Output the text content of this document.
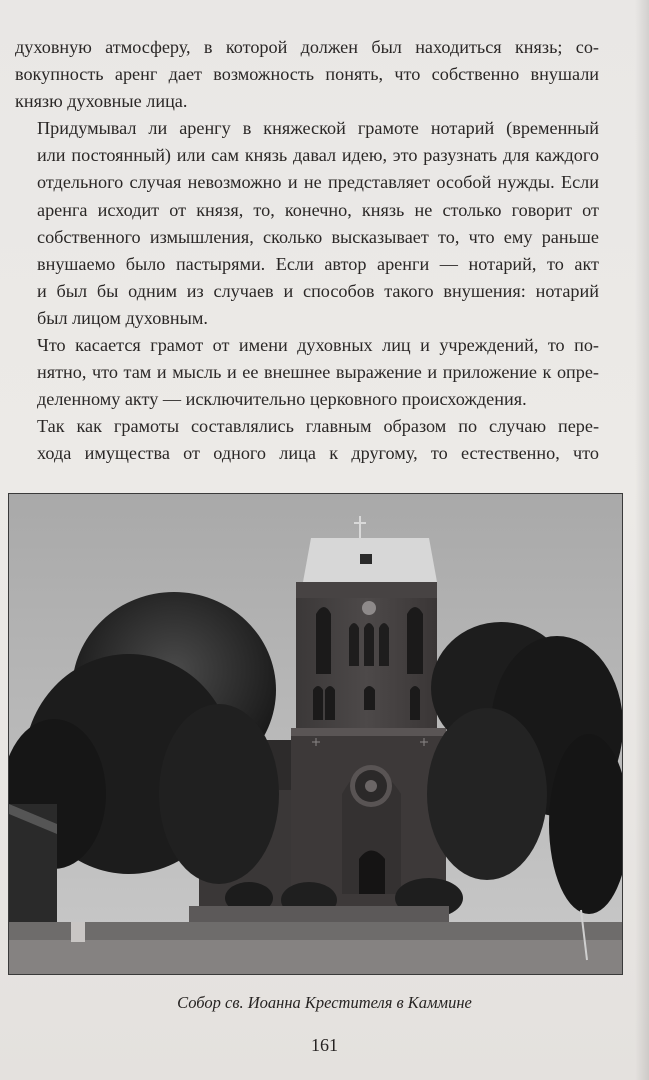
духовную атмосферу, в которой должен был находиться князь; со-
вокупность аренг дает возможность понять, что собственно внушали
князю духовные лица.

Придумывал ли аренгу в княжеской грамоте нотарий (временный
или постоянный) или сам князь давал идею, это разузнать для каждого
отдельного случая невозможно и не представляет особой нужды. Если
аренга исходит от князя, то, конечно, князь не столько говорит от
собственного измышления, сколько высказывает то, что ему раньше
внушаемо было пастырями. Если автор аренги — нотарий, то акт
и был бы одним из случаев и способов такого внушения: нотарий
был лицом духовным.

Что касается грамот от имени духовных лиц и учреждений, то по-
нятно, что там и мысль и ее внешнее выражение и приложение к опре-
деленному акту — исключительно церковного происхождения.

Так как грамоты составлялись главным образом по случаю пере-
хода имущества от одного лица к другому, то естественно, что

Собор св. Иоанна Крестителя в Каммине
161
